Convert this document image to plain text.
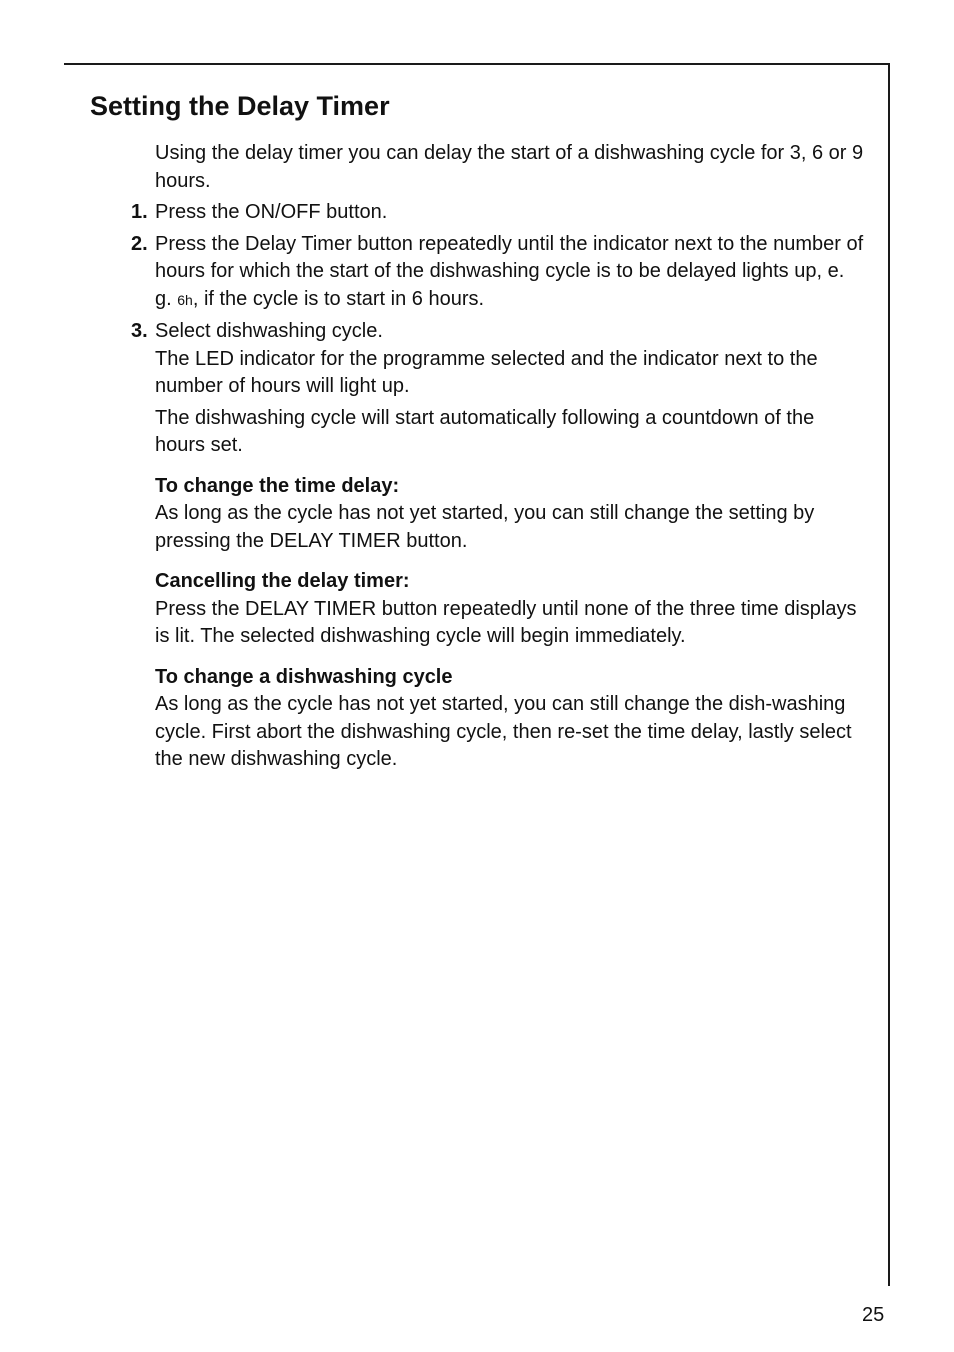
Setting the Delay Timer

Using the delay timer you can delay the start of a dishwashing cycle for 3, 6 or 9 hours.

1. Press the ON/OFF button.

2. Press the Delay Timer button repeatedly until the indicator next to the number of hours for which the start of the dishwashing cycle is to be delayed lights up, e. g. 6h, if the cycle is to start in 6 hours.

3. Select dishwashing cycle.

The LED indicator for the programme selected and the indicator next to the number of hours will light up.

The dishwashing cycle will start automatically following a countdown of the hours set.

To change the time delay:

As long as the cycle has not yet started, you can still change the setting by pressing the DELAY TIMER button.

Cancelling the delay timer:

Press the DELAY TIMER button repeatedly until none of the three time displays is lit. The selected dishwashing cycle will begin immediately.

To change a dishwashing cycle

As long as the cycle has not yet started, you can still change the dish-washing cycle. First abort the dishwashing cycle, then re-set the time delay, lastly select the new dishwashing cycle.

25
